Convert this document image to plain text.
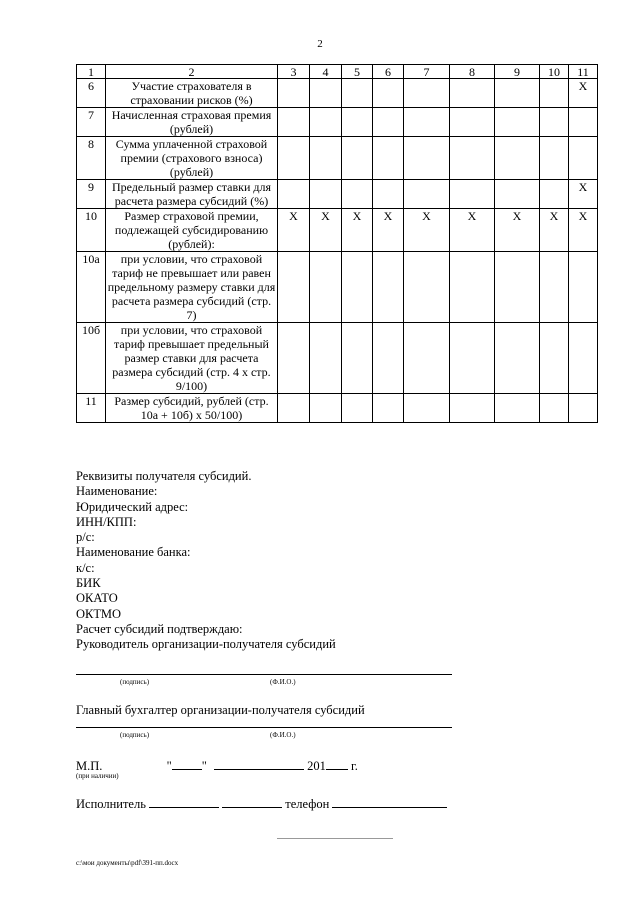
2
1	2	3	4	5	6	7	8	9	10	11
6	Участие страхователя в страховании рисков (%)									Х
7	Начисленная страховая премия (рублей)									
8	Сумма уплаченной страховой премии (страхового взноса) (рублей)									
9	Предельный размер ставки для расчета размера субсидий (%)									Х
10	Размер страховой премии, подлежащей субсидированию (рублей):	Х	Х	Х	Х	Х	Х	Х	Х	Х
10а	при условии, что страховой тариф не превышает или равен предельному размеру ставки для расчета размера субсидий (стр. 7)									
10б	при условии, что страховой тариф превышает предельный размер ставки для расчета размера субсидий (стр. 4 х стр. 9/100)									
11	Размер субсидий, рублей (стр. 10а + 10б) х 50/100)									
Реквизиты получателя субсидий.
Наименование:
Юридический адрес:
ИНН/КПП:
р/с:
Наименование банка:
к/с:
БИК
ОКАТО
ОКТМО
Расчет субсидий подтверждаю:
Руководитель организации-получателя субсидий
(подпись)	(Ф.И.О.)
Главный бухгалтер организации-получателя субсидий
(подпись)	(Ф.И.О.)
М.П.	" "	201 г.
(при наличии)
Исполнитель	телефон
c:\мои документы\pdf\391-пп.docx
